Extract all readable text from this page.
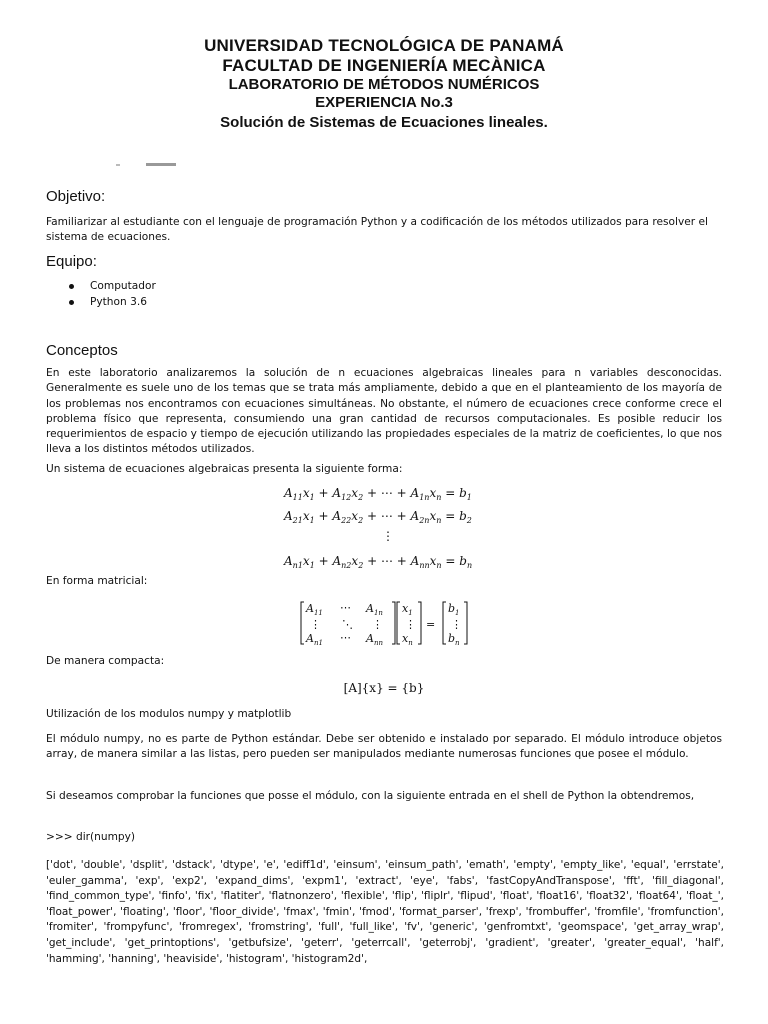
UNIVERSIDAD TECNOLÓGICA DE PANAMÁ
FACULTAD DE INGENIERÍA MECÀNICA
LABORATORIO DE MÉTODOS NUMÉRICOS
EXPERIENCIA No.3
Solución de Sistemas de Ecuaciones lineales.
Objetivo:
Familiarizar al estudiante con el lenguaje de programación Python y a codificación de los métodos utilizados para resolver el sistema de ecuaciones.
Equipo:
Computador
Python 3.6
Conceptos
En este laboratorio analizaremos la solución de n ecuaciones algebraicas lineales para n variables desconocidas. Generalmente es suele uno de los temas que se trata más ampliamente, debido a que en el planteamiento de los mayoría de los problemas nos encontramos con ecuaciones simultáneas. No obstante, el número de ecuaciones crece conforme crece el problema físico que representa, consumiendo una gran cantidad de recursos computacionales. Es posible reducir los requerimientos de espacio y tiempo de ejecución utilizando las propiedades especiales de la matriz de coeficientes, lo que nos lleva a los distintos métodos utilizados.
Un sistema de ecuaciones algebraicas presenta la siguiente forma:
$A_{11}x_1 + A_{12}x_2$ + ⋯ + $A_{1n}x_n = b_1$
$A_{21}x_1 + A_{22}x_2$ + ⋯ + $A_{2n}x_n = b_2$
⋮
$A_{n1}x_1 + A_{n2}x_2$ + ⋯ + $A_{nn}x_n = b_n$
En forma matricial:
$A_{11}$ ⋯ $A_{1n}$
⋮ ⋱ ⋮
$A_{n1}$ ⋯ $A_{nn}$
$x_1$
⋮
$x_n$
=
$b_1$
⋮
$b_n$
De manera compacta:
[A]{x} = {b}
Utilización de los modulos numpy y matplotlib
El módulo numpy, no es parte de Python estándar. Debe ser obtenido e instalado por separado. El módulo introduce objetos array, de manera similar a las listas, pero pueden ser manipulados mediante numerosas funciones que posee el módulo.
Si deseamos comprobar la funciones que posse el módulo, con la siguiente entrada en el shell de Python la obtendremos,
>>> dir(numpy)
['dot', 'double', 'dsplit', 'dstack', 'dtype', 'e', 'ediff1d', 'einsum', 'einsum_path', 'emath', 'empty', 'empty_like', 'equal', 'errstate', 'euler_gamma', 'exp', 'exp2', 'expand_dims', 'expm1', 'extract', 'eye', 'fabs', 'fastCopyAndTranspose', 'fft', 'fill_diagonal', 'find_common_type', 'finfo', 'fix', 'flatiter', 'flatnonzero', 'flexible', 'flip', 'fliplr', 'flipud', 'float', 'float16', 'float32', 'float64', 'float_', 'float_power', 'floating', 'floor', 'floor_divide', 'fmax', 'fmin', 'fmod', 'format_parser', 'frexp', 'frombuffer', 'fromfile', 'fromfunction', 'fromiter', 'frompyfunc', 'fromregex', 'fromstring', 'full', 'full_like', 'fv', 'generic', 'genfromtxt', 'geomspace', 'get_array_wrap', 'get_include', 'get_printoptions', 'getbufsize', 'geterr', 'geterrcall', 'geterrobj', 'gradient', 'greater', 'greater_equal', 'half', 'hamming', 'hanning', 'heaviside', 'histogram', 'histogram2d',
